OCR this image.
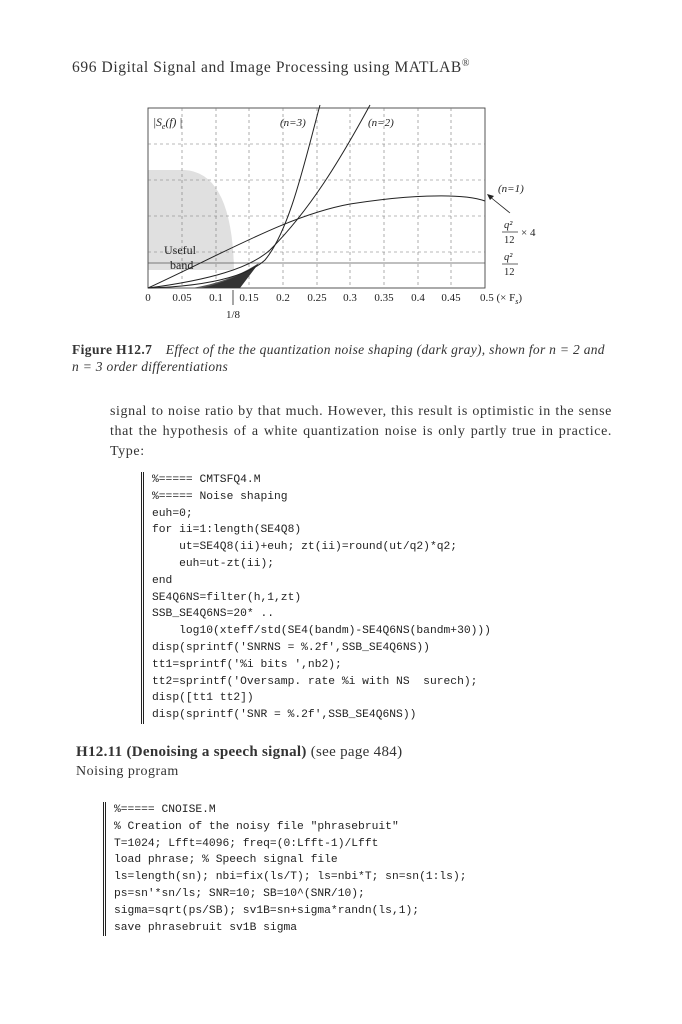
696 Digital Signal and Image Processing using MATLAB®
$|S_e(f)$ |	(n=3)	(n=2)
(n=1)
Useful
band
q²
12
× 4
q²
12
0 0.05 0.1 0.15 0.2 0.25 0.3 0.35 0.4 0.45 0.5 (× $F_s$)
1/8
Figure H12.7 Effect of the the quantization noise shaping (dark gray), shown for n = 2 and n = 3 order differentiations
signal to noise ratio by that much. However, this result is optimistic in the sense that the hypothesis of a white quantization noise is only partly true in practice. Type:
%===== CMTSFQ4.M
%===== Noise shaping
euh=0;
for ii=1:length(SE4Q8)
ut=SE4Q8(ii)+euh; zt(ii)=round(ut/q2)*q2;
euh=ut-zt(ii);
end
SE4Q6NS=filter(h,1,zt)
SSB_SE4Q6NS=20* ..
log10(xteff/std(SE4(bandm)-SE4Q6NS(bandm+30)))
disp(sprintf('SNRNS = %.2f',SSB_SE4Q6NS))
tt1=sprintf('%i bits ',nb2);
tt2=sprintf('Oversamp. rate %i with NS  surech);
disp([tt1 tt2])
disp(sprintf('SNR = %.2f',SSB_SE4Q6NS))
H12.11 (Denoising a speech signal) (see page 484)
Noising program
%===== CNOISE.M
% Creation of the noisy file "phrasebruit"
T=1024; Lfft=4096; freq=(0:Lfft-1)/Lfft
load phrase; % Speech signal file
ls=length(sn); nbi=fix(ls/T); ls=nbi*T; sn=sn(1:ls);
ps=sn'*sn/ls; SNR=10; SB=10^(SNR/10);
sigma=sqrt(ps/SB); sv1B=sn+sigma*randn(ls,1);
save phrasebruit sv1B sigma
